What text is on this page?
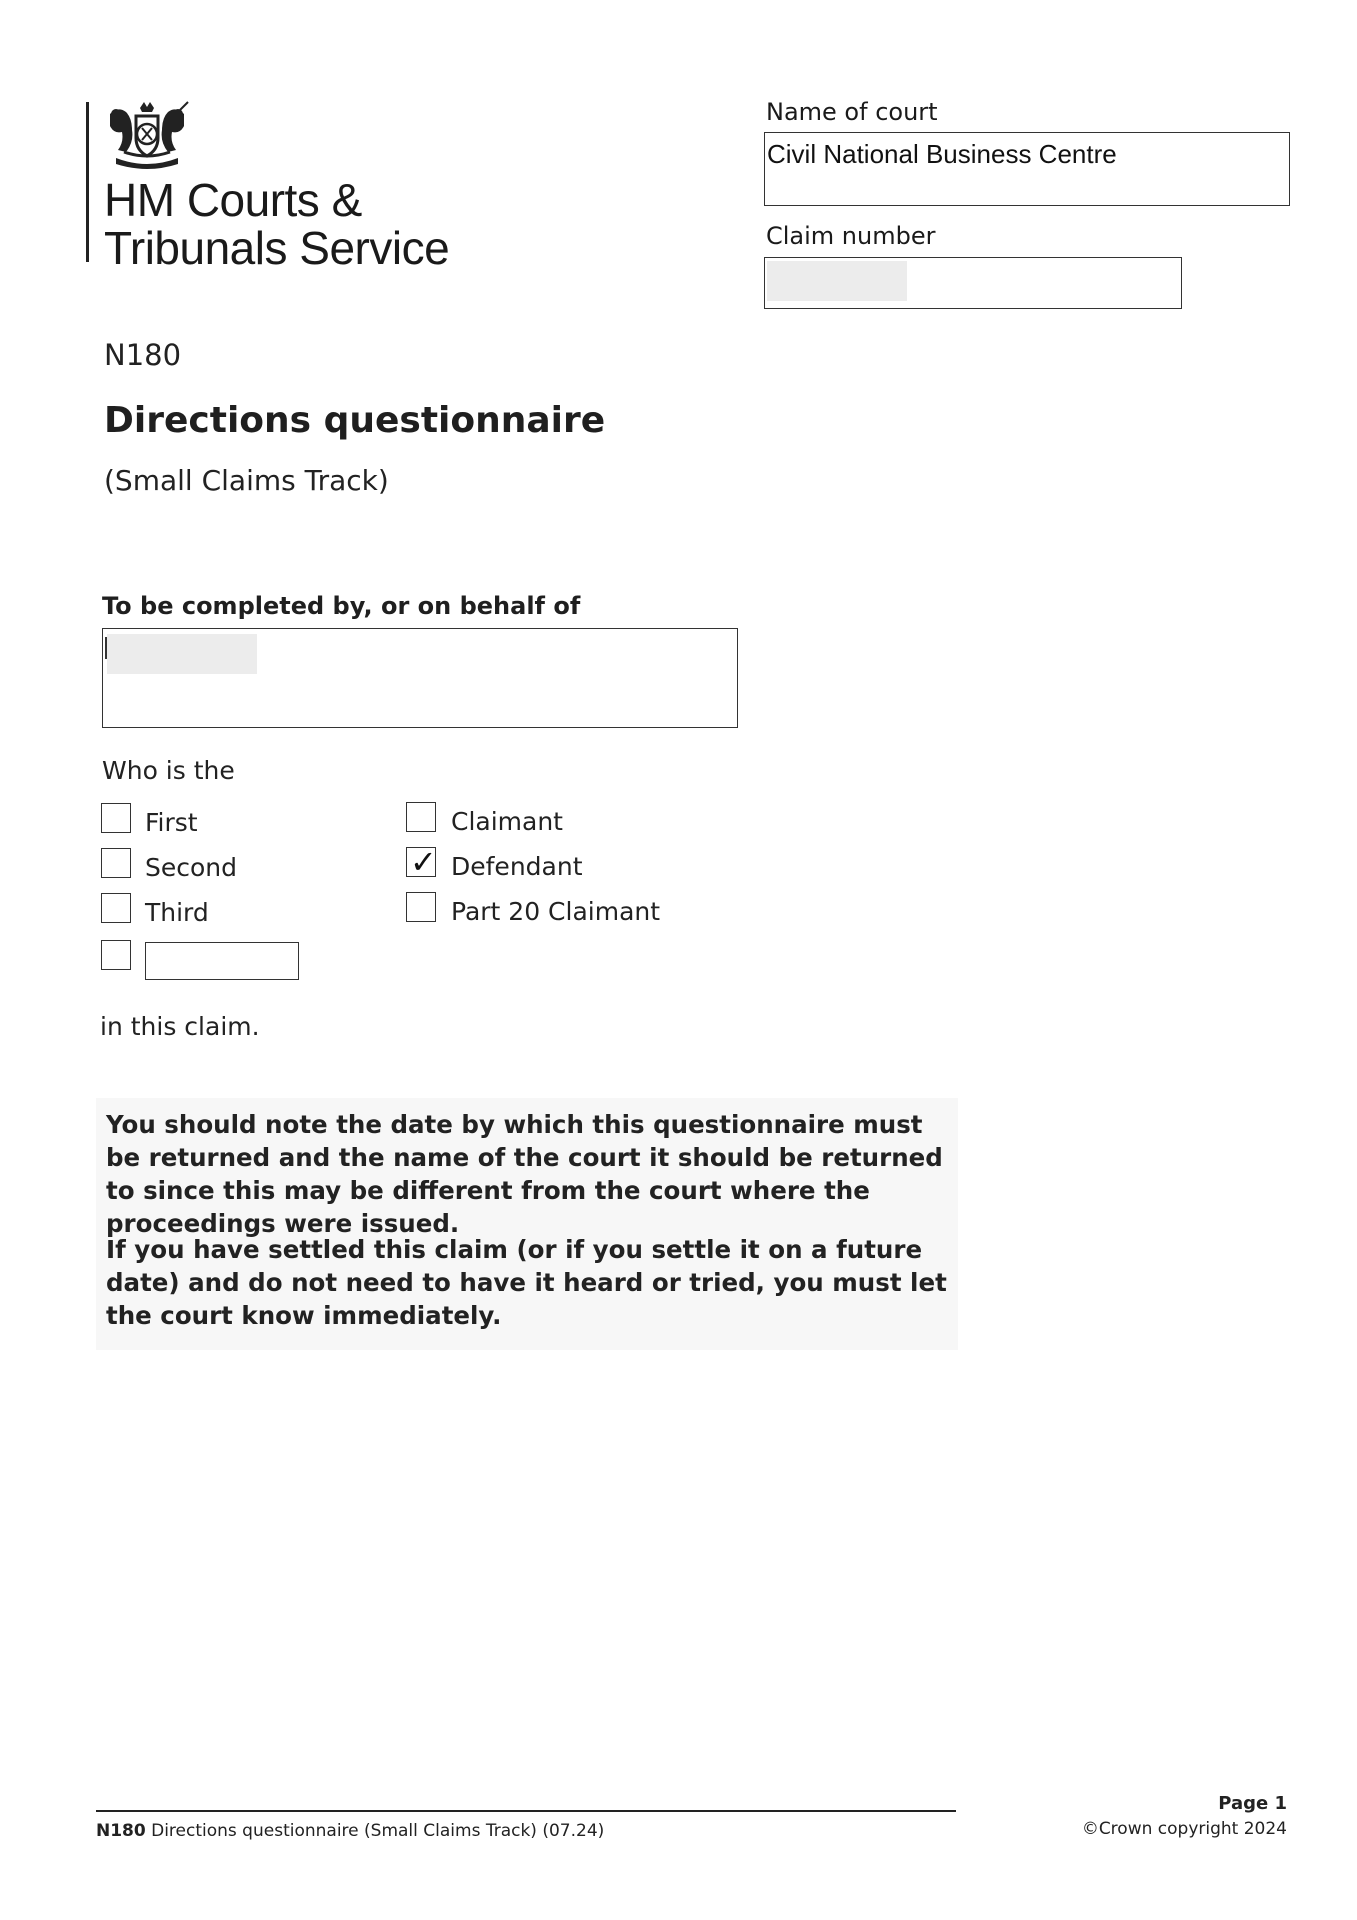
HM Courts &
Tribunals Service
Name of court
Civil National Business Centre
Claim number
N180
Directions questionnaire
(Small Claims Track)
To be completed by, or on behalf of
Who is the
First
Second
Third
Claimant
✓ Defendant
Part 20 Claimant
in this claim.
You should note the date by which this questionnaire must be returned and the name of the court it should be returned to since this may be different from the court where the proceedings were issued.
If you have settled this claim (or if you settle it on a future date) and do not need to have it heard or tried, you must let the court know immediately.
N180 Directions questionnaire (Small Claims Track) (07.24)
Page 1
©Crown copyright 2024
